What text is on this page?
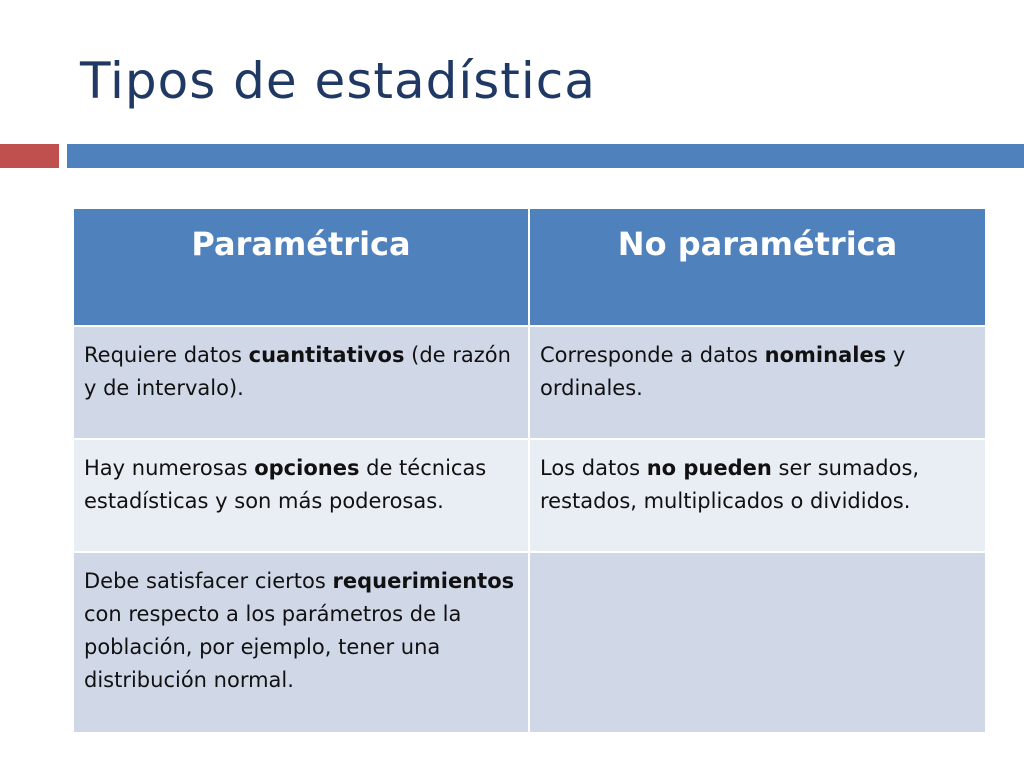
Tipos de estadística
Paramétrica	No paramétrica
Requiere datos cuantitativos (de razón y de intervalo).	Corresponde a datos nominales y ordinales.
Hay numerosas opciones de técnicas estadísticas y son más poderosas.	Los datos no pueden ser sumados, restados, multiplicados o divididos.
Debe satisfacer ciertos requerimientos con respecto a los parámetros de la población, por ejemplo, tener una distribución normal.	
